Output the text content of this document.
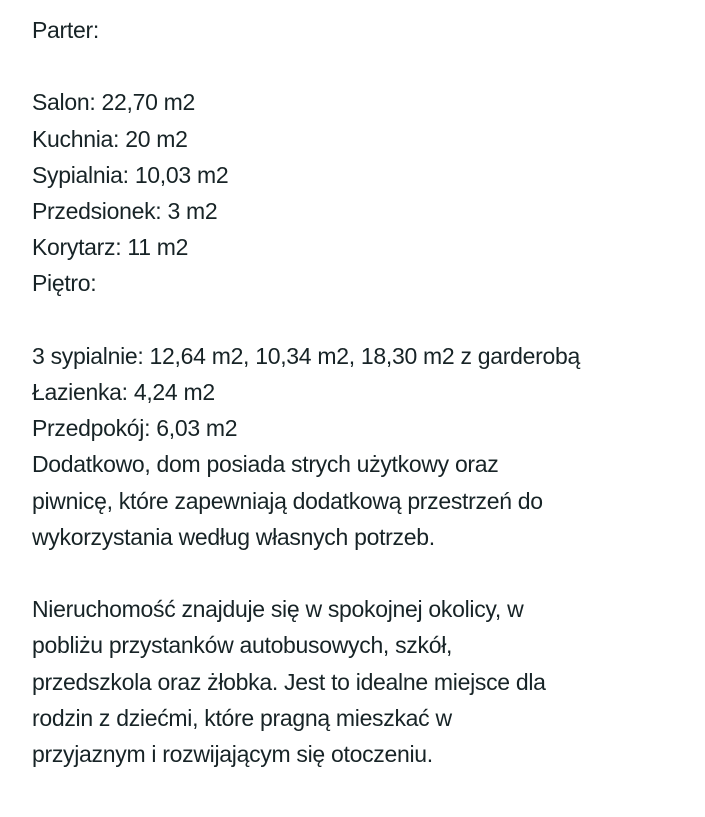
Parter:
Salon: 22,70 m2
Kuchnia: 20 m2
Sypialnia: 10,03 m2
Przedsionek: 3 m2
Korytarz: 11 m2
Piętro:
3 sypialnie: 12,64 m2, 10,34 m2, 18,30 m2 z garderobą
Łazienka: 4,24 m2
Przedpokój: 6,03 m2
Dodatkowo, dom posiada strych użytkowy oraz
piwnicę, które zapewniają dodatkową przestrzeń do
wykorzystania według własnych potrzeb.
Nieruchomość znajduje się w spokojnej okolicy, w
pobliżu przystanków autobusowych, szkół,
przedszkola oraz żłobka. Jest to idealne miejsce dla
rodzin z dziećmi, które pragną mieszkać w
przyjaznym i rozwijającym się otoczeniu.
